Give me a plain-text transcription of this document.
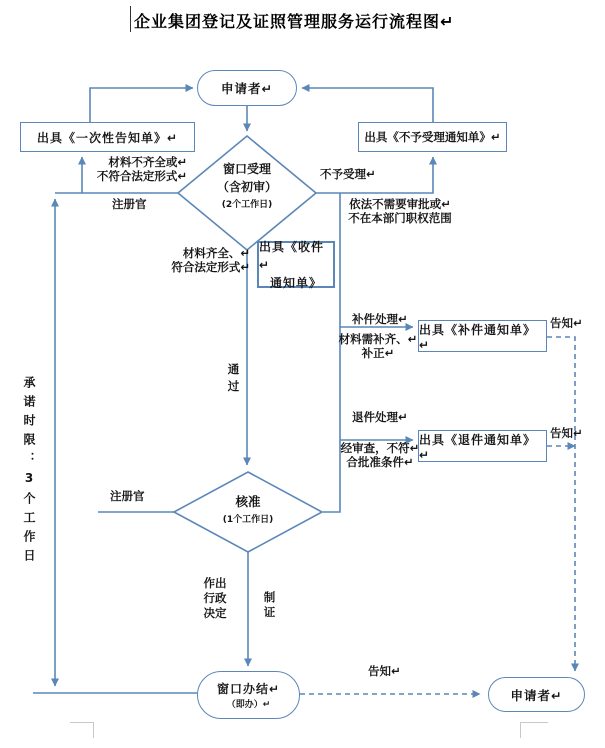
企业集团登记及证照管理服务运行流程图↵
申请者↵
窗口办结↵
（即办）↵
申请者↵
出具《一次性告知单》↵	出具《不予受理通知单》↵
出具《收件↵
通知单》
出具《补件通知单》↵
出具《退件通知单》↵
窗口受理
（含初审）
(2个工作日)
核准
(1个工作日)
材料不齐全或↵
不符合法定形式↵
注册官
不予受理↵
依法不需要审批或↵
不在本部门职权范围
材料齐全、↵
符合法定形式↵
通过
补件处理↵
材料需补齐、↵
补正↵
告知↵
退件处理↵
经审查，不符↵
合批准条件↵
告知↵
注册官
作出行政决定
制证
告知↵
承诺时限：3个工作日
